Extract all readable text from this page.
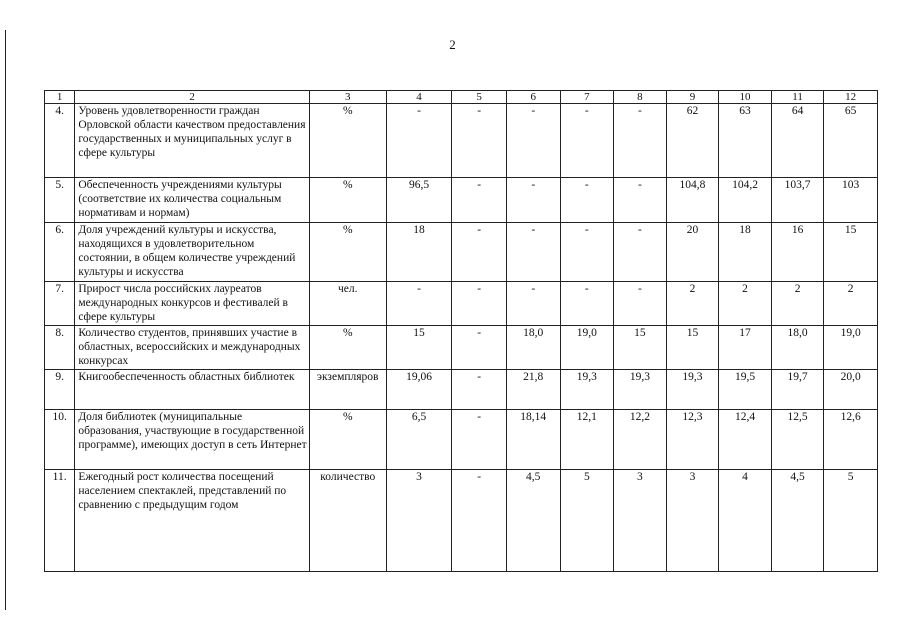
2
1	2	3	4	5	6	7	8	9	10	11	12
4.	Уровень удовлетворенности граждан Орловской области качеством предоставления государственных и муниципальных услуг в сфере культуры	%	-	-	-	-	-	62	63	64	65
5.	Обеспеченность учреждениями культуры (соответствие их количества социальным нормативам и нормам)	%	96,5	-	-	-	-	104,8	104,2	103,7	103
6.	Доля учреждений культуры и искусства, находящихся в удовлетворительном состоянии, в общем количестве учреждений культуры и искусства	%	18	-	-	-	-	20	18	16	15
7.	Прирост числа российских лауреатов международных конкурсов и фестивалей в сфере культуры	чел.	-	-	-	-	-	2	2	2	2
8.	Количество студентов, принявших участие в областных, всероссийских и международных конкурсах	%	15	-	18,0	19,0	15	15	17	18,0	19,0
9.	Книгообеспеченность областных библиотек	экземпляров	19,06	-	21,8	19,3	19,3	19,3	19,5	19,7	20,0
10.	Доля библиотек (муниципальные образования, участвующие в государственной программе), имеющих доступ в сеть Интернет	%	6,5	-	18,14	12,1	12,2	12,3	12,4	12,5	12,6
11.	Ежегодный рост количества посещений населением спектаклей, представлений по сравнению с предыдущим годом	количество	3	-	4,5	5	3	3	4	4,5	5
